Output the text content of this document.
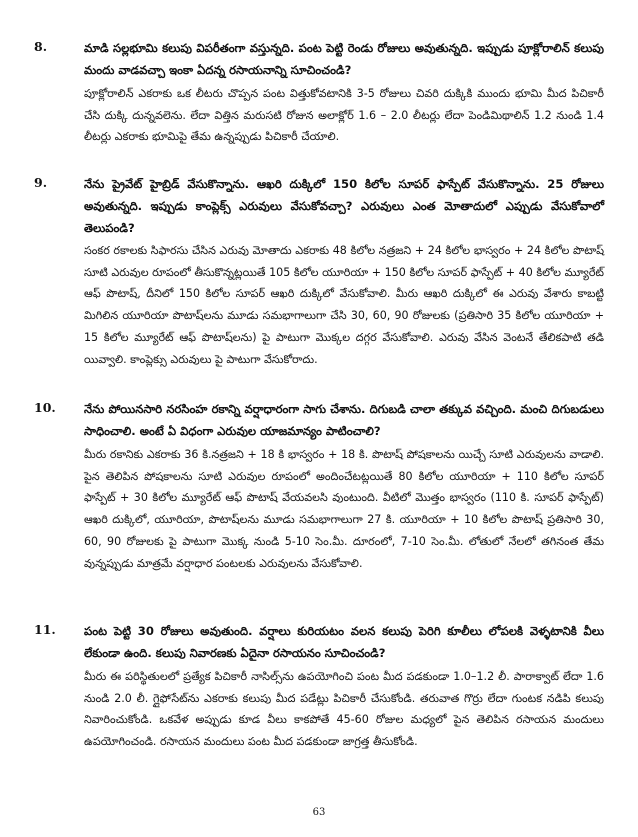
8.	మాడి సల్లభూమి కలుపు విపరీతంగా వస్తున్నది. పంట పెట్టి రెండు రోజులు అవుతున్నది. ఇప్పుడు పూక్లోరాలిన్ కలుపు మందు వాడవచ్చా ఇంకా ఏదన్న రసాయనాన్ని సూచించండి?

పూక్లోరాలిన్ ఎకరాకు ఒక లీటరు చొప్పన పంట విత్తుకోవటానికి 3-5 రోజులు చివరి దుక్కికి ముందు భూమి మీద పిచికారీ చేసి దుక్కి దున్నవలెను. లేదా విత్తిన మరుసటి రోజున అలాక్లోర్ 1.6 – 2.0 లీటర్లు లేదా పెండిమిథాలిన్ 1.2 నుండి 1.4 లీటర్లు ఎకరాకు భూమిపై తేమ ఉన్నప్పుడు పిచికారీ చేయాలి.

9.	నేను ప్రైవేట్ హైబ్రిడ్ వేసుకొన్నాను. ఆఖరి దుక్కిలో 150 కిలోల సూపర్ ఫాస్పేట్ వేసుకొన్నాను. 25 రోజులు అవుతున్నది. ఇప్పుడు కాంప్లెక్స్ ఎరువులు వేసుకోవచ్చా? ఎరువులు ఎంత మోతాదులో ఎప్పుడు వేసుకోవాలో తెలుపండి?

సంకర రకాలకు సిఫారసు చేసిన ఎరువు మోతాదు ఎకరాకు 48 కిలోల నత్రజని + 24 కిలోల భాస్వరం + 24 కిలోల పొటాష్ సూటి ఎరువుల రూపంలో తీసుకొన్నట్లయితే 105 కిలోల యూరియా + 150 కిలోల సూపర్ ఫాస్పేట్ + 40 కిలోల మ్యూరేట్ ఆఫ్ పొటాష్, దీనిలో 150 కిలోల సూపర్ ఆఖరి దుక్కిలో వేసుకోవాలి. మీరు ఆఖరి దుక్కిలో ఈ ఎరువు వేశారు కాబట్టి మిగిలిన యూరియా పొటాష్‌లను మూడు సమభాగాలుగా చేసి 30, 60, 90 రోజులకు (ప్రతిసారి 35 కిలోల యూరియా + 15 కిలోల మ్యూరేట్ ఆఫ్ పొటాష్‌లను) పై పాటుగా మొక్కల దగ్గర వేసుకోవాలి. ఎరువు వేసిన వెంటనే తేలికపాటి తడి యివ్వాలి. కాంప్లెక్సు ఎరువులు పై పాటుగా వేసుకోరాదు.

10. నేను పోయినసారి నరసింహ రకాన్ని వర్షాధారంగా సాగు చేశాను. దిగుబడి చాలా తక్కువ వచ్చింది. మంచి దిగుబడులు సాధించాలి. అంటే ఏ విధంగా ఎరువుల యాజమాన్యం పాటించాలి?

మీరు రకానికు ఎకరాకు 36 కి.నత్రజని + 18 కి భాస్వరం + 18 కి. పొటాష్ పోషకాలను యిచ్చే సూటి ఎరువులను వాడాలి. పైన తెలిపిన పోషకాలను సూటి ఎరువుల రూపంలో అందించేటట్లయితే 80 కిలోల యూరియా + 110 కిలోల సూపర్ ఫాస్పేట్ + 30 కిలోల మ్యూరేట్ ఆఫ్ పొటాష్ వేయవలసి వుంటుంది. వీటిలో మొత్తం భాస్వరం (110 కి. సూపర్ ఫాస్పేట్) ఆఖరి దుక్కిలో, యూరియా, పొటాష్‌లను మూడు సమభాగాలుగా 27 కి. యూరియా + 10 కిలోల పొటాష్ ప్రతిసారి 30, 60, 90 రోజులకు పై పాటుగా మొక్క నుండి 5-10 సెం.మీ. దూరంలో, 7-10 సెం.మీ. లోతులో నేలలో తగినంత తేమ వున్నప్పుడు మాత్రమే వర్షాధార పంటలకు ఎరువులను వేసుకోవాలి.

11. పంట పెట్టి 30 రోజులు అవుతుంది. వర్షాలు కురియటం వలన కలుపు పెరిగి కూలీలు లోపలకి వెళ్ళటానికి వీలు లేకుండా ఉంది. కలుపు నివారణకు ఏదైనా రసాయనం సూచించండి?

మీరు ఈ పరిస్థితులలో ప్రత్యేక పిచికారీ నాసిల్స్‌ను ఉపయోగించి పంట మీద పడకుండా 1.0–1.2 లీ. పారాక్వాట్ లేదా 1.6 నుండి 2.0 లీ. గ్లైఫోసేట్‌ను ఎకరాకు కలుపు మీద పడేట్లు పిచికారీ చేసుకోండి. తరువాత గొర్రు లేదా గుంటక నడిపి కలుపు నివారించుకోండి. ఒకవేళ అప్పుడు కూడ వీలు కాకపోతే 45-60 రోజుల మధ్యలో పైన తెలిపిన రసాయన మందులు ఉపయోగించండి. రసాయన మందులు పంట మీద పడకుండా జాగ్రత్త తీసుకోండి.

63
